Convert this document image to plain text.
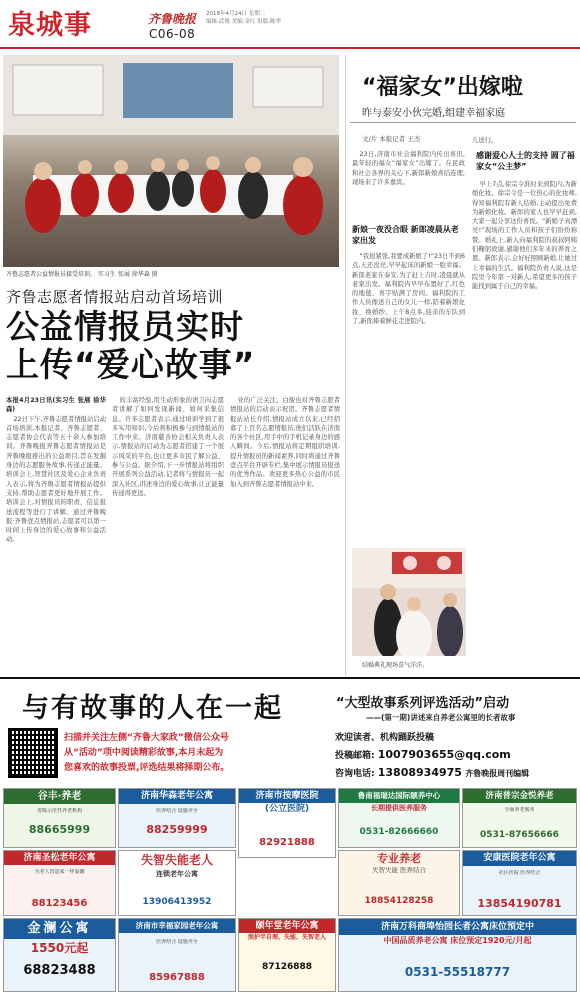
泉城事	齐鲁晚报 2018年4月24日 星期二
编辑:武俊 美编:金红 组版:陈华
C06-08
齐鲁志愿者公益情报员接受培训。 实习生 张展 徐华森 摄
齐鲁志愿者情报站启动首场培训
公益情报员实时
上传“爱心故事”
本报4月23日讯(实习生 张展 徐华森)
22日下午,齐鲁志愿者情报站启动首场培训,本报记者、齐鲁志愿者、志愿者协会代表等五十余人参加培训。齐鲁晚报齐鲁志愿者情报站是齐鲁晚报推出的公益项目,旨在发掘身边的志愿服务故事,传递正能量。培训会上,智慧社区及爱心企业负责人表示,将为齐鲁志愿者情报站提供支持,帮助志愿者更好地开展工作。培训会上,对情报员的职责、信息报送流程等进行了讲解。通过齐鲁晚报·齐鲁壹点情报站,志愿者可以第一时间上传身边的爱心故事和公益活动。
的丰富经验,用生动形象的语言向志愿者讲解了如何发现新闻、如何采集信息。许多志愿者表示,通过培训学到了很多实用知识,今后将积极参与到情报站的工作中来。济南慈善协会相关负责人表示,情报站的启动为志愿者搭建了一个展示风采的平台,也让更多市民了解公益、参与公益。据介绍,下一步情报站将组织开展系列公益活动,记者将与情报员一起深入社区,讲述身边的爱心故事,让正能量传递得更远。
业的广泛关注。白骏也对齐鲁志愿者情报站的启动表示祝贺。齐鲁志愿者情报站站长介绍,情报站成立以来,已经招募了上百名志愿情报员,他们活跃在济南的各个社区,用手中的手机记录身边的感人瞬间。今后,情报站将定期组织培训,提升情报员的新闻素养,同时将通过齐鲁壹点平台开辟专栏,集中展示情报员报送的优秀作品。欢迎更多热心公益的市民加入到齐鲁志愿者情报站中来。
“福家女”出嫁啦
昨与泰安小伙完婚,组建幸福家庭
文/片 本报记者 王杰
23日,济南市社会福利院内传出喜讯,最年轻的福女“福家女”出嫁了。在民政和社会各界的关心下,新郎新娘喜结连理,现场来了许多嘉宾。
新娘一夜没合眼 新郎凌晨从老家出发
“我很紧张,我要成新娘了!”23日不到6点,天还没亮,早早起床的新娘一脸幸福。新郎老家在泰安,为了赶上吉时,凌晨就从老家出发。福利院内早早布置好了,红色的地毯、喜字贴满了房间。福利院的工作人员像送自己的女儿一样,陪着新娘化妆、换婚纱。上午8点多,迎亲的车队到了,新郎捧着鲜花走进院内。
儿送行。
感谢爱心人士的支持 圆了福家女“公主梦”
早上7点,徐宗令准时来到院内,为新娘化妆。徐宗令是一位热心的化妆师,得知福利院有新人结婚,主动提出免费为新娘化妆。新郎的家人也早早赶到,大家一起分享这份喜悦。“新娘子真漂亮!”现场的工作人员和孩子们纷纷称赞。婚礼上,新人向福利院的叔叔阿姨们鞠躬致谢,感谢他们多年来的养育之恩。新郎表示,会好好照顾新娘,让她过上幸福的生活。福利院负责人说,这是院里今年第一对新人,希望更多的孩子能找到属于自己的幸福。
结婚典礼现场喜气洋洋。
与有故事的人在一起
扫描并关注左侧“齐鲁大家政”微信公众号
从“活动”项中阅读精彩故事,本月末起为
您喜欢的故事投票,评选结果将择期公布。
“大型故事系列评选活动”启动
——(第一期)讲述来自养老公寓里的长者故事
欢迎读者、机构踊跃投稿
投稿邮箱: 1007903655@qq.com
咨询电话: 13808934975 齐鲁晚报周刊编辑
谷丰·养老
省级示范性养老机构
88665999
济南华森老年公寓
医养结合 设施齐全
88259999
济南市按摩医院
(公立医院)
82921888
鲁南福瑞达国际颐养中心
长期提供医养服务
0531-82666660
济南普宗金悦养老
全面养老服务
0531-87656666
济南圣松老年公寓
为老人营造家一样温馨
88123456
失智失能老人
连锁老年公寓
13906413952
专业养老
失智失能 医养结合
18854128258
安康医院老年公寓
社区医院 医养结合
13854190781
金澜公寓
1550元起
68823488
济南市幸福家园老年公寓
医养结合 设施齐全
85967888
颐年堂老年公寓
照护半自理、失能、失智老人
87126888
济南万科商埠怡园长者公寓床位预定中
中国品质养老公寓 床位预定1920元/月起
0531-55518777
